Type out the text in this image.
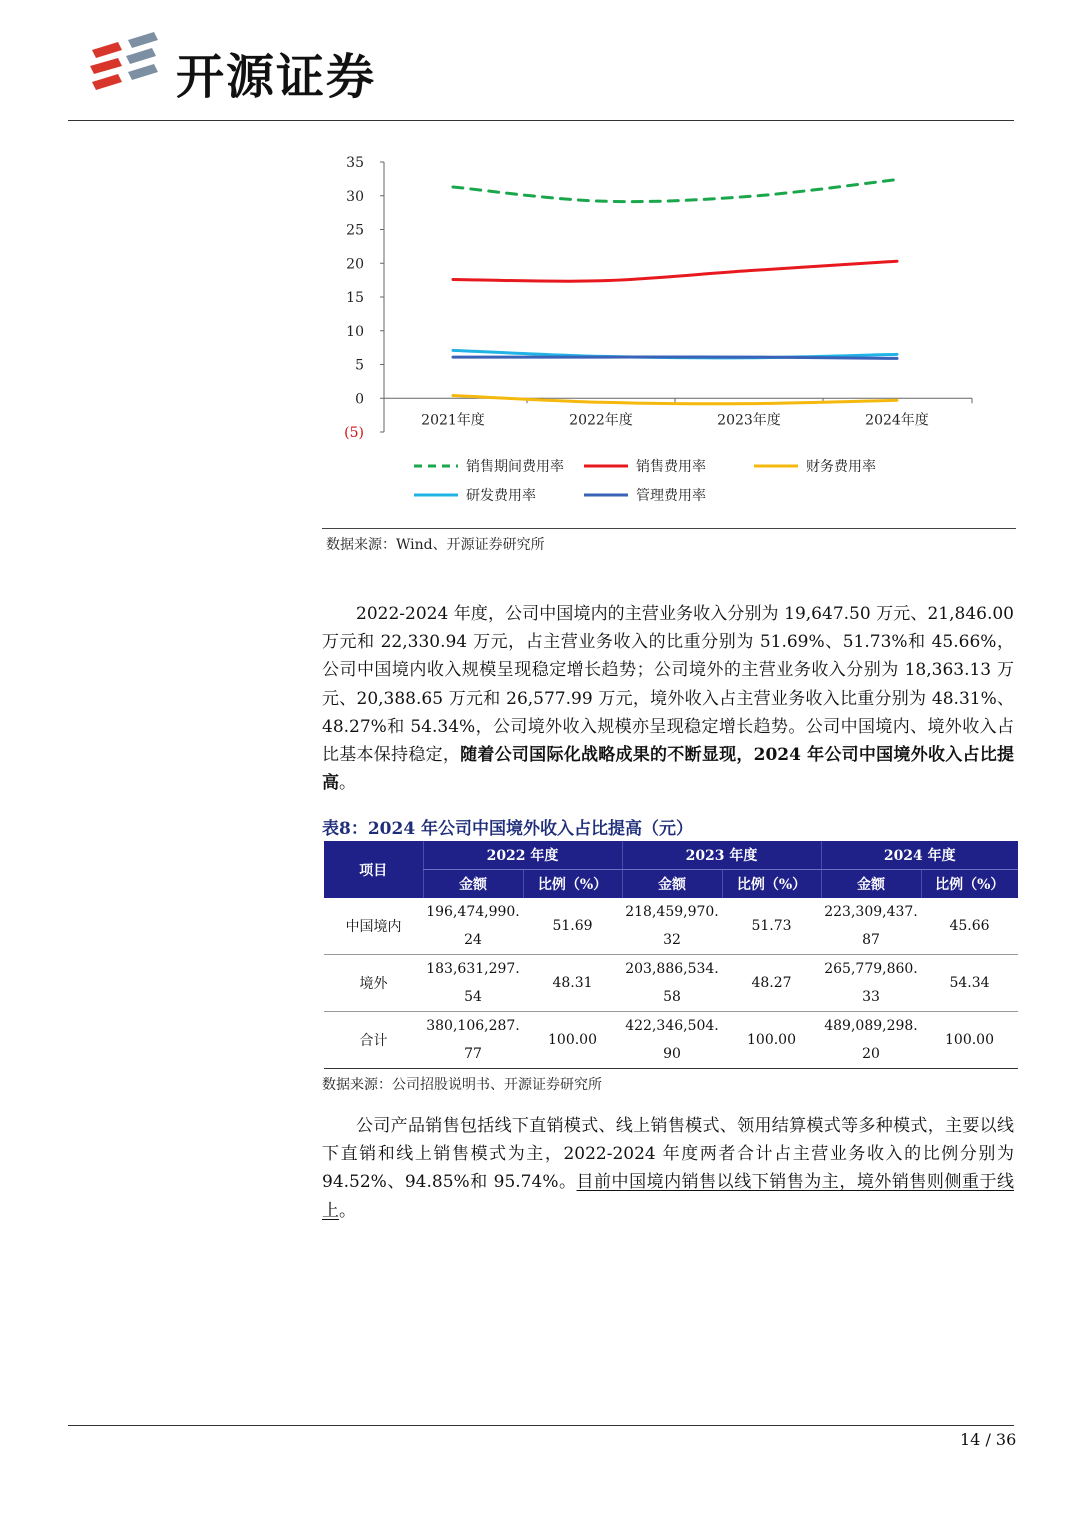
开源证券
35
30
25
20
15
10
5
0
(5)
2021年度	2022年度	2023年度	2024年度
销售期间费用率	销售费用率	财务费用率
研发费用率	管理费用率
数据来源：Wind、开源证券研究所

2022-2024 年度，公司中国境内的主营业务收入分别为 19,647.50 万元、21,846.00 万元和 22,330.94 万元，占主营业务收入的比重分别为 51.69%、51.73%和 45.66%，公司中国境内收入规模呈现稳定增长趋势；公司境外的主营业务收入分别为 18,363.13 万元、20,388.65 万元和 26,577.99 万元，境外收入占主营业务收入比重分别为 48.31%、48.27%和 54.34%，公司境外收入规模亦呈现稳定增长趋势。公司中国境内、境外收入占比基本保持稳定，随着公司国际化战略成果的不断显现，2024 年公司中国境外收入占比提高。

表8：2024 年公司中国境外收入占比提高（元）
项目	2022 年度		2023 年度		2024 年度	
	金额	比例（%）	金额	比例（%）	金额	比例（%）
中国境内	196,474,990.
24	51.69	218,459,970.
32	51.73	223,309,437.
87	45.66
境外	183,631,297.
54	48.31	203,886,534.
58	48.27	265,779,860.
33	54.34
合计	380,106,287.
77	100.00	422,346,504.
90	100.00	489,089,298.
20	100.00
数据来源：公司招股说明书、开源证券研究所

公司产品销售包括线下直销模式、线上销售模式、领用结算模式等多种模式，主要以线下直销和线上销售模式为主，2022-2024 年度两者合计占主营业务收入的比例分别为 94.52%、94.85%和 95.74%。目前中国境内销售以线下销售为主，境外销售则侧重于线上。

14 / 36
